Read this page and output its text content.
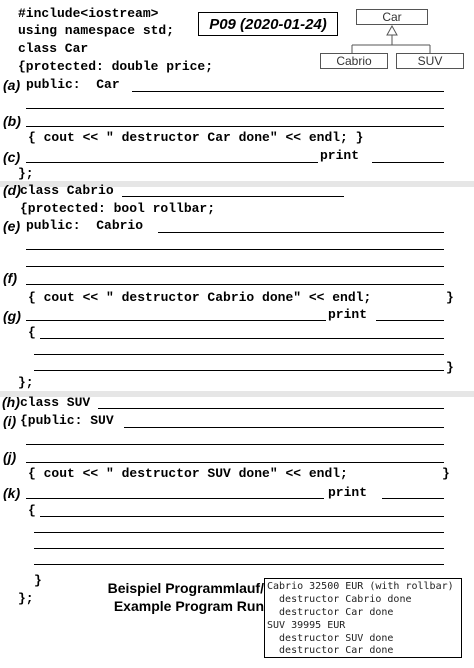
#include<iostream>
using namespace std;
class Car
{protected: double price;
P09 (2020-01-24)	Car
Cabrio	SUV
(a) public:  Car
(b)
{ cout << " destructor Car done" << endl; }
(c)	print
};
(d) class Cabrio
{protected: bool rollbar;
(e) public:  Cabrio
(f)
{ cout << " destructor Cabrio done" << endl;	}
(g)	print
{
}
};
(h) class SUV
(i) {public: SUV
(j)
{ cout << " destructor SUV done" << endl;	}
(k)	print
{
}
};
Beispiel Programmlauf/
Example Program Run
Cabrio 32500 EUR (with rollbar)
destructor Cabrio done
destructor Car done
SUV 39995 EUR
destructor SUV done
destructor Car done
